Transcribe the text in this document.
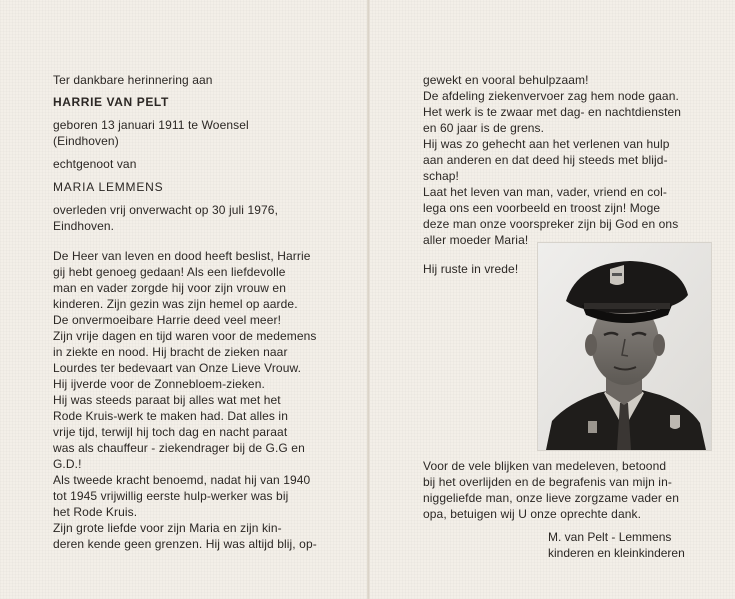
Ter dankbare herinnering aan
HARRIE VAN PELT
geboren 13 januari 1911 te Woensel
(Eindhoven)
echtgenoot van
MARIA LEMMENS
overleden vrij onverwacht op 30 juli 1976,
Eindhoven.
De Heer van leven en dood heeft beslist, Harrie
gij hebt genoeg gedaan! Als een liefdevolle
man en vader zorgde hij voor zijn vrouw en
kinderen. Zijn gezin was zijn hemel op aarde.
De onvermoeibare Harrie deed veel meer!
Zijn vrije dagen en tijd waren voor de medemens
in ziekte en nood. Hij bracht de zieken naar
Lourdes ter bedevaart van Onze Lieve Vrouw.
Hij ijverde voor de Zonnebloem-zieken.
Hij was steeds paraat bij alles wat met het
Rode Kruis-werk te maken had. Dat alles in
vrije tijd, terwijl hij toch dag en nacht paraat
was als chauffeur - ziekendrager bij de G.G en
G.D.!
Als tweede kracht benoemd, nadat hij van 1940
tot 1945 vrijwillig eerste hulp-werker was bij
het Rode Kruis.
Zijn grote liefde voor zijn Maria en zijn kin-
deren kende geen grenzen. Hij was altijd blij, op-
gewekt en vooral behulpzaam!
De afdeling ziekenvervoer zag hem node gaan.
Het werk is te zwaar met dag- en nachtdiensten
en 60 jaar is de grens.
Hij was zo gehecht aan het verlenen van hulp
aan anderen en dat deed hij steeds met blijd-
schap!
Laat het leven van man, vader, vriend en col-
lega ons een voorbeeld en troost zijn! Moge
deze man onze voorspreker zijn bij God en ons
aller moeder Maria!
Hij ruste in vrede!
Voor de vele blijken van medeleven, betoond
bij het overlijden en de begrafenis van mijn in-
niggeliefde man, onze lieve zorgzame vader en
opa, betuigen wij U onze oprechte dank.
M. van Pelt - Lemmens
kinderen en kleinkinderen
